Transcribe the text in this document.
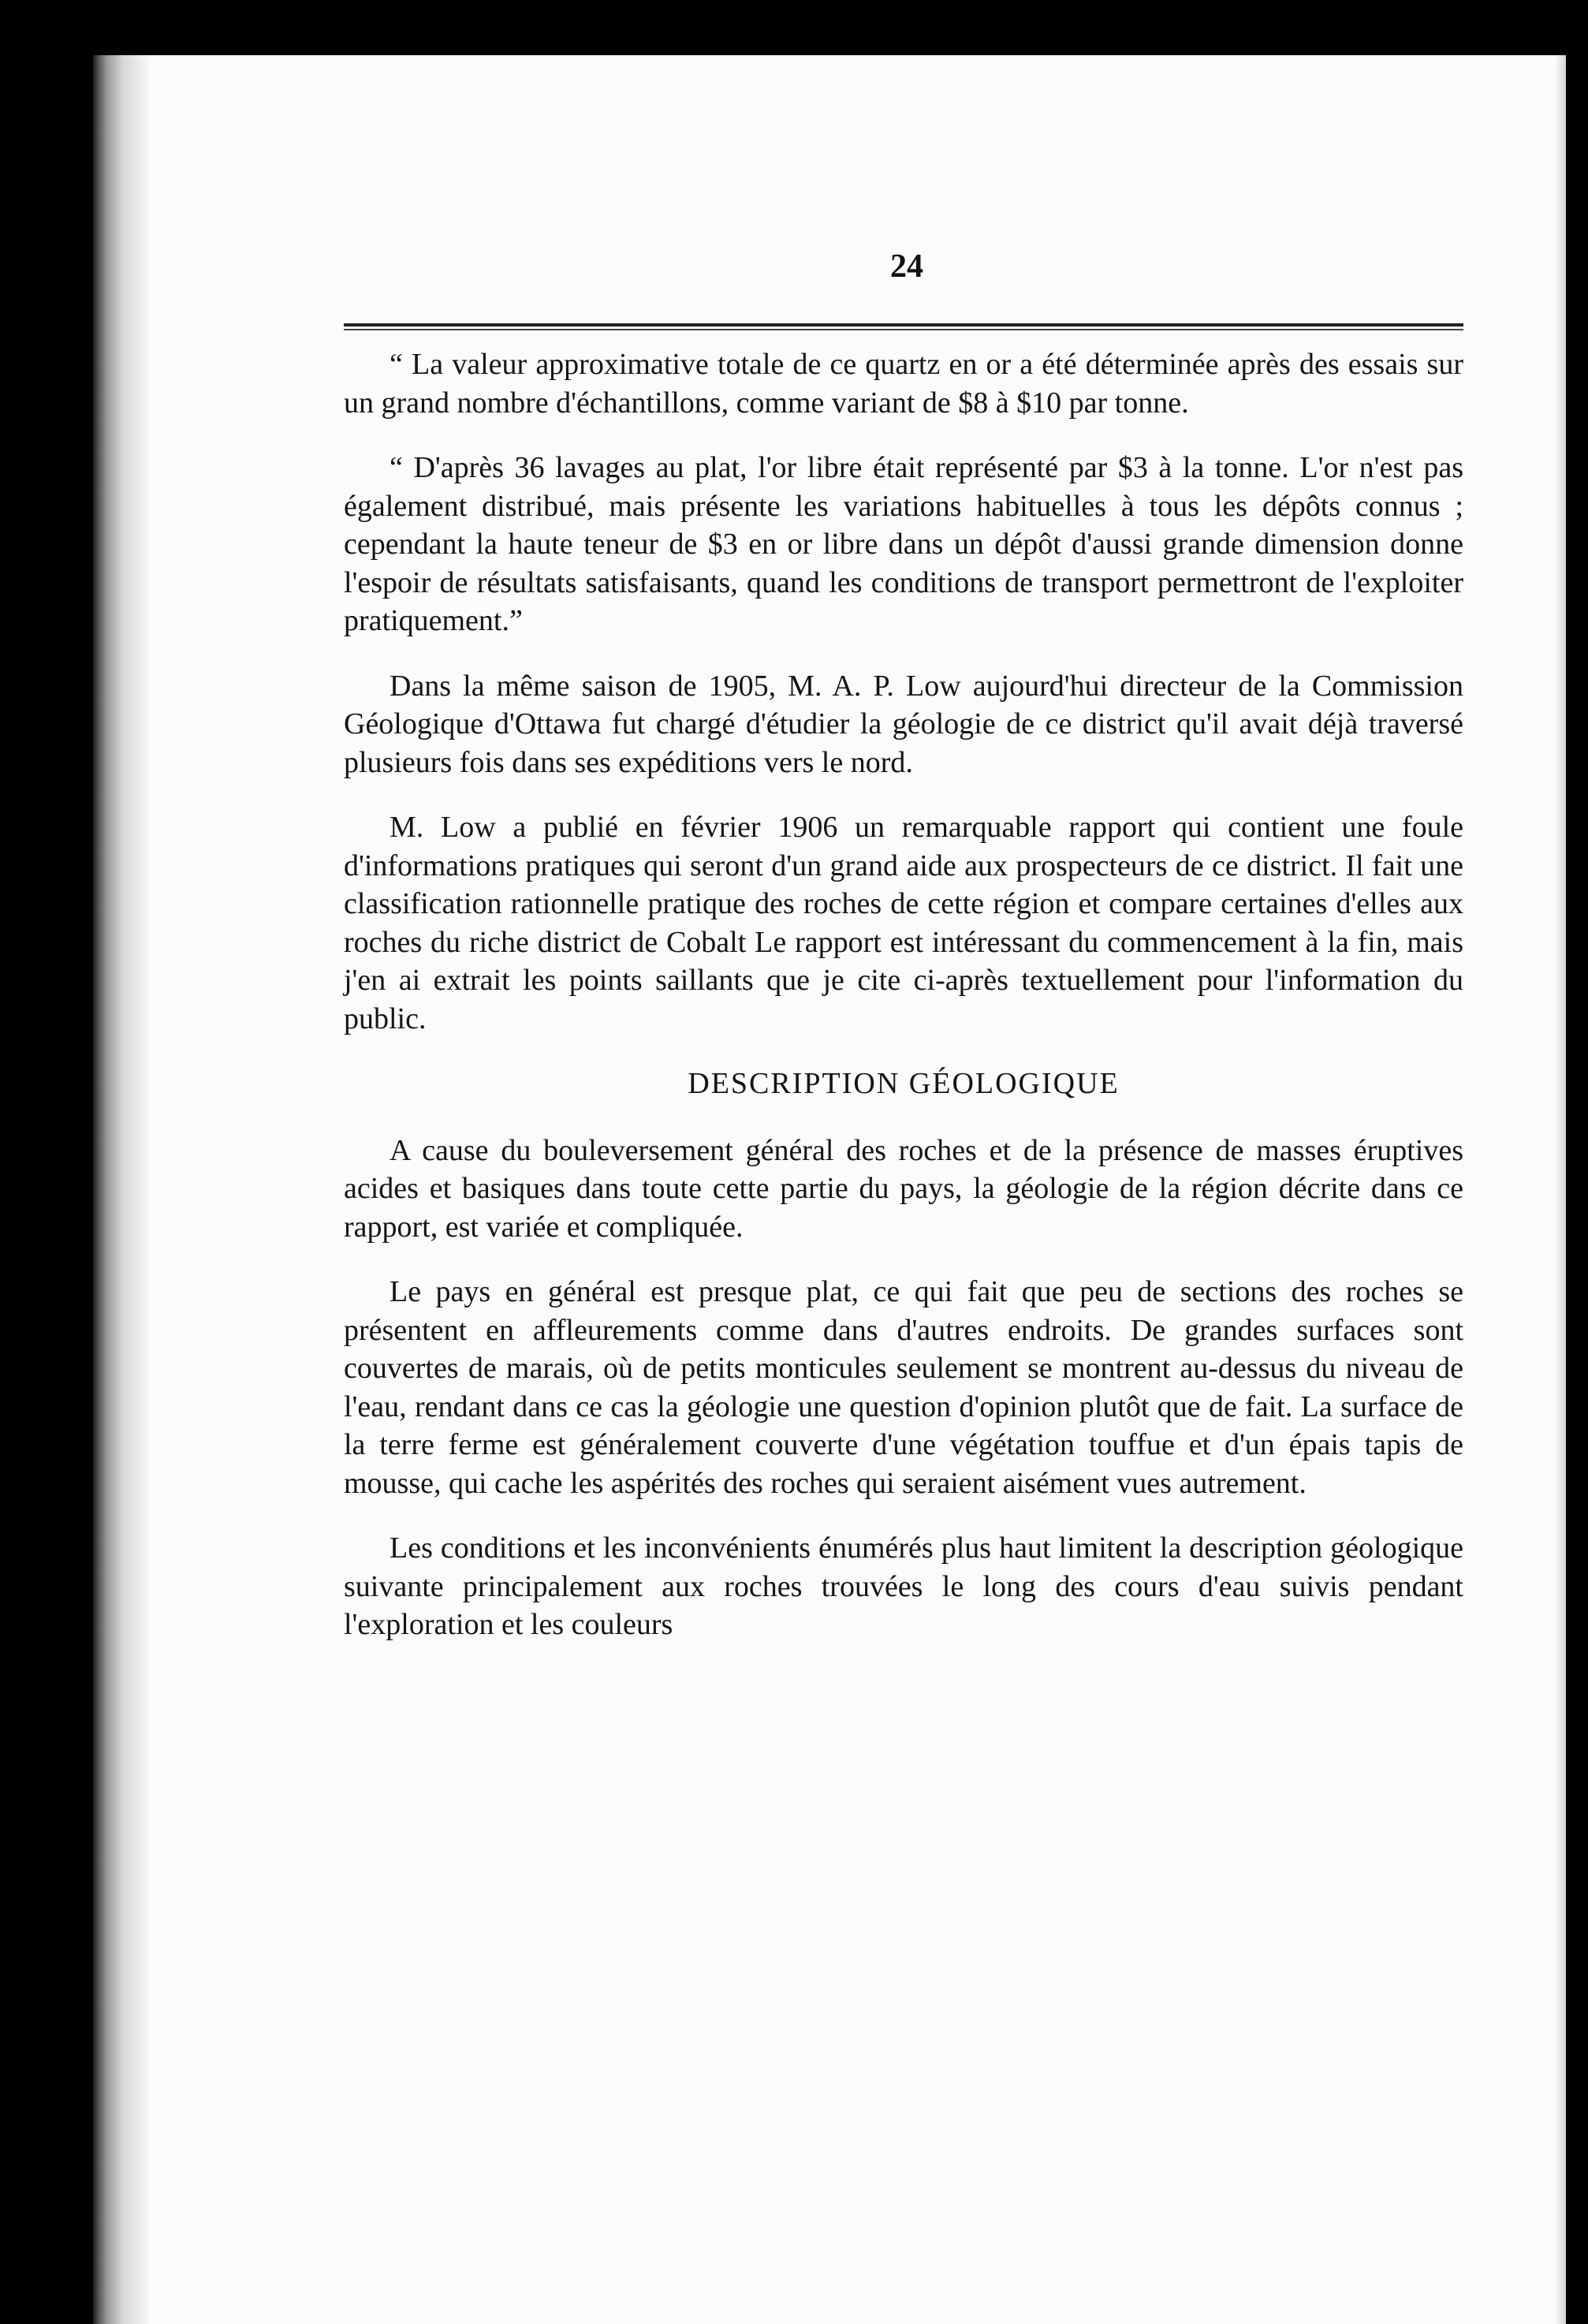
24

“ La valeur approximative totale de ce quartz en or a été déterminée après des essais sur un grand nombre d'échantillons, comme variant de $8 à $10 par tonne.

“ D'après 36 lavages au plat, l'or libre était représenté par $3 à la tonne. L'or n'est pas également distribué, mais présente les variations habituelles à tous les dépôts connus ; cependant la haute teneur de $3 en or libre dans un dépôt d'aussi grande dimension donne l'espoir de résultats satisfaisants, quand les conditions de transport permettront de l'exploiter pratiquement.”

Dans la même saison de 1905, M. A. P. Low aujourd'hui directeur de la Commission Géologique d'Ottawa fut chargé d'étudier la géologie de ce district qu'il avait déjà traversé plusieurs fois dans ses expéditions vers le nord.

M. Low a publié en février 1906 un remarquable rapport qui contient une foule d'informations pratiques qui seront d'un grand aide aux prospecteurs de ce district. Il fait une classification rationnelle pratique des roches de cette région et compare certaines d'elles aux roches du riche district de Cobalt Le rapport est intéressant du commencement à la fin, mais j'en ai extrait les points saillants que je cite ci-après textuellement pour l'information du public.

DESCRIPTION GÉOLOGIQUE

A cause du bouleversement général des roches et de la présence de masses éruptives acides et basiques dans toute cette partie du pays, la géologie de la région décrite dans ce rapport, est variée et compliquée.

Le pays en général est presque plat, ce qui fait que peu de sections des roches se présentent en affleurements comme dans d'autres endroits. De grandes surfaces sont couvertes de marais, où de petits monticules seulement se montrent au-dessus du niveau de l'eau, rendant dans ce cas la géologie une question d'opinion plutôt que de fait. La surface de la terre ferme est généralement couverte d'une végétation touffue et d'un épais tapis de mousse, qui cache les aspérités des roches qui seraient aisément vues autrement.

Les conditions et les inconvénients énumérés plus haut limitent la description géologique suivante principalement aux roches trouvées le long des cours d'eau suivis pendant l'exploration et les couleurs
